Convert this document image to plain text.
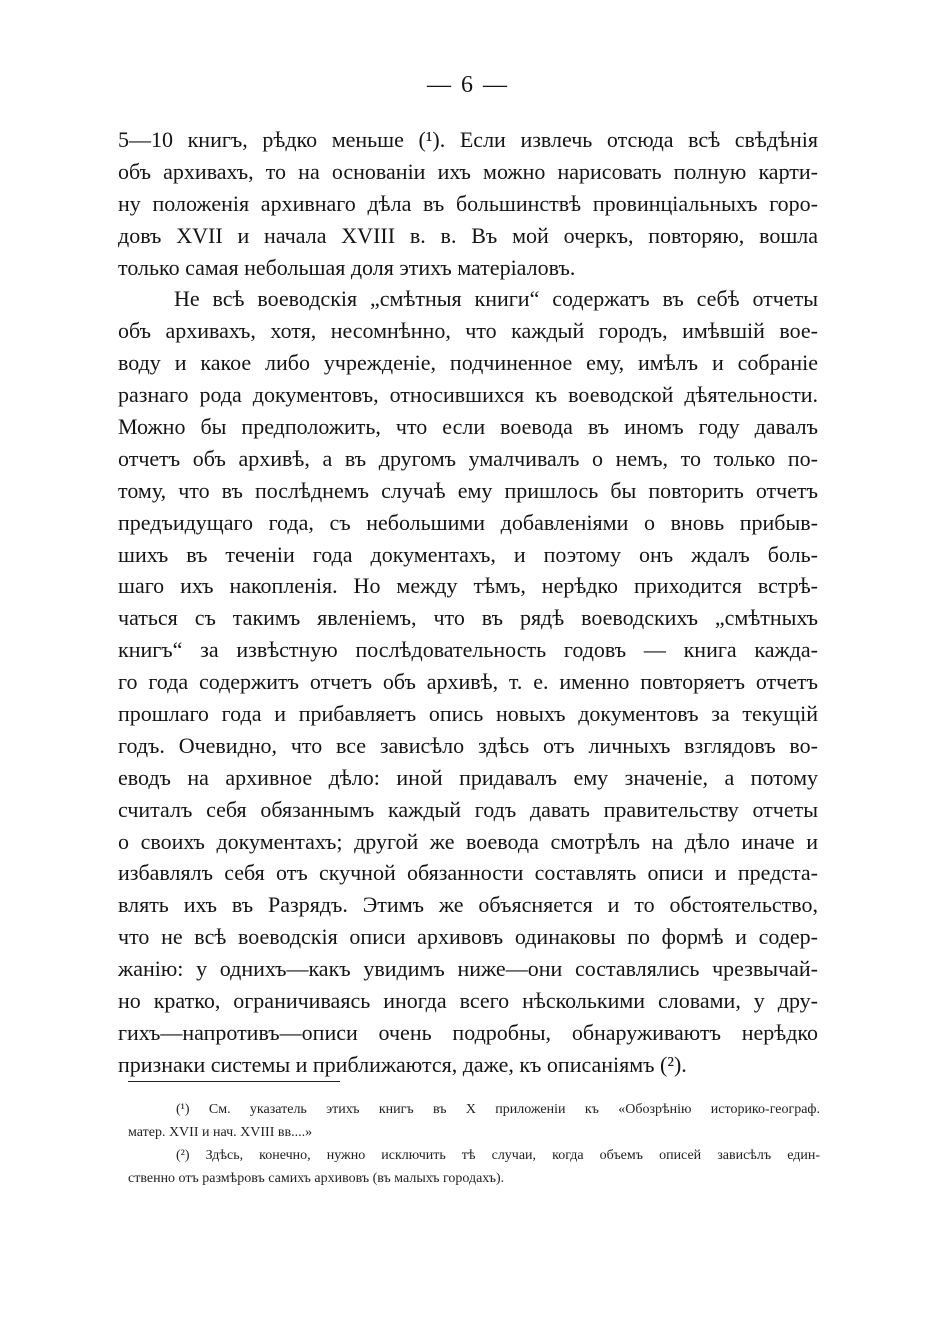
— 6 —
5—10 книгъ, рѣдко меньше (¹). Если извлечь отсюда всѣ свѣдѣнія
объ архивахъ, то на основаніи ихъ можно нарисовать полную карти-
ну положенія архивнаго дѣла въ большинствѣ провинціальныхъ горо-
довъ XVII и начала XVIII в. в. Въ мой очеркъ, повторяю, вошла
только самая небольшая доля этихъ матеріаловъ.
Не всѣ воеводскія „смѣтныя книги“ содержатъ въ себѣ отчеты
объ архивахъ, хотя, несомнѣнно, что каждый городъ, имѣвшій вое-
воду и какое либо учрежденіе, подчиненное ему, имѣлъ и собраніе
разнаго рода документовъ, относившихся къ воеводской дѣятельности.
Можно бы предположить, что если воевода въ иномъ году давалъ
отчетъ объ архивѣ, а въ другомъ умалчивалъ о немъ, то только по-
тому, что въ послѣднемъ случаѣ ему пришлось бы повторить отчетъ
предъидущаго года, съ небольшими добавленіями о вновь прибыв-
шихъ въ теченіи года документахъ, и поэтому онъ ждалъ боль-
шаго ихъ накопленія. Но между тѣмъ, нерѣдко приходится встрѣ-
чаться съ такимъ явленіемъ, что въ рядѣ воеводскихъ „смѣтныхъ
книгъ“ за извѣстную послѣдовательность годовъ — книга кажда-
го года содержитъ отчетъ объ архивѣ, т. е. именно повторяетъ отчетъ
прошлаго года и прибавляетъ опись новыхъ документовъ за текущій
годъ. Очевидно, что все зависѣло здѣсь отъ личныхъ взглядовъ во-
еводъ на архивное дѣло: иной придавалъ ему значеніе, а потому
считалъ себя обязаннымъ каждый годъ давать правительству отчеты
о своихъ документахъ; другой же воевода смотрѣлъ на дѣло иначе и
избавлялъ себя отъ скучной обязанности составлять описи и предста-
влять ихъ въ Разрядъ. Этимъ же объясняется и то обстоятельство,
что не всѣ воеводскія описи архивовъ одинаковы по формѣ и содер-
жанію: у однихъ—какъ увидимъ ниже—они составлялись чрезвычай-
но кратко, ограничиваясь иногда всего нѣсколькими словами, у дру-
гихъ—напротивъ—описи очень подробны, обнаруживаютъ нерѣдко
признаки системы и приближаются, даже, къ описаніямъ (²).
(¹) См. указатель этихъ книгъ въ X приложеніи къ «Обозрѣнію историко-географ.
матер. XVII и нач. XVIII вв....»
(²) Здѣсь, конечно, нужно исключить тѣ случаи, когда объемъ описей зависѣлъ един-
ственно отъ размѣровъ самихъ архивовъ (въ малыхъ городахъ).
